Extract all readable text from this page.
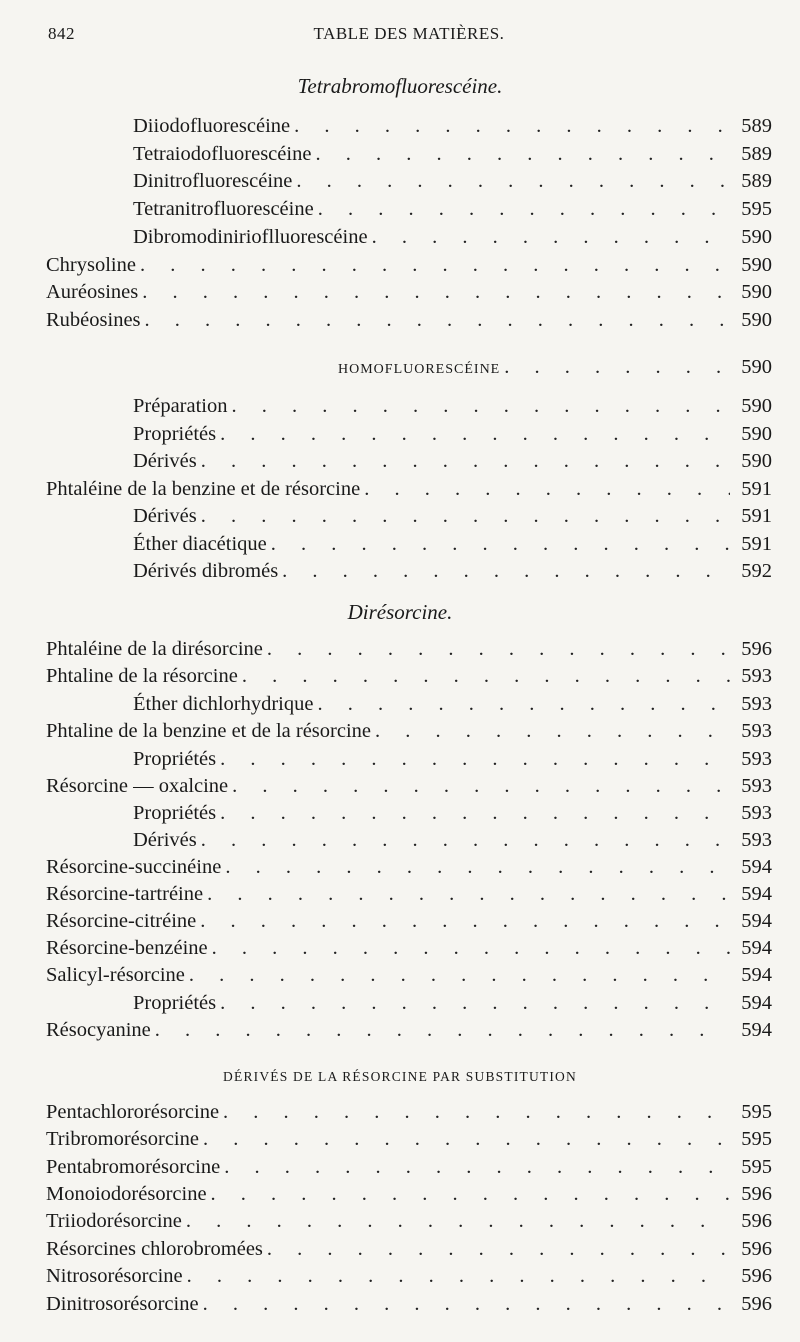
842	TABLE DES MATIÈRES.
Tetrabromofluorescéine.
Diiodofluorescéine . . .	589
Tetraiodofluorescéine . . .	589
Dinitrofluorescéine . . .	589
Tetranitrofluorescéine . . .	595
Dibromodinirioflluorescéine . . .	590
Chrysoline . . .	590
Auréosines . . .	590
Rubéosines . . .	590
HOMOFLUORESCÉINE . . .	590
Préparation . . .	590
Propriétés . . .	590
Dérivés . . .	590
Phtaléine de la benzine et de résorcine . . .	591
Dérivés . . .	591
Éther diacétique . . .	591
Dérivés dibromés . . .	592
Dirésorcine.
Phtaléine de la dirésorcine . . .	596
Phtaline de la résorcine . . .	593
Éther dichlorhydrique . . .	593
Phtaline de la benzine et de la résorcine . . .	593
Propriétés . . .	593
Résorcine — oxalcine . . .	593
Propriétés . . .	593
Dérivés . . .	593
Résorcine-succinéine . . .	594
Résorcine-tartréine . . .	594
Résorcine-citréine . . .	594
Résorcine-benzéine . . .	594
Salicyl-résorcine . . .	594
Propriétés . . .	594
Résocyanine . . .	594
DÉRIVÉS DE LA RÉSORCINE PAR SUBSTITUTION
Pentachlororésorcine . . .	595
Tribromorésorcine . . .	595
Pentabromorésorcine . . .	595
Monoiodorésorcine . . .	596
Triiodorésorcine . . .	596
Résorcines chlorobromées . . .	596
Nitrosorésorcine . . .	596
Dinitrosorésorcine . . .	596
